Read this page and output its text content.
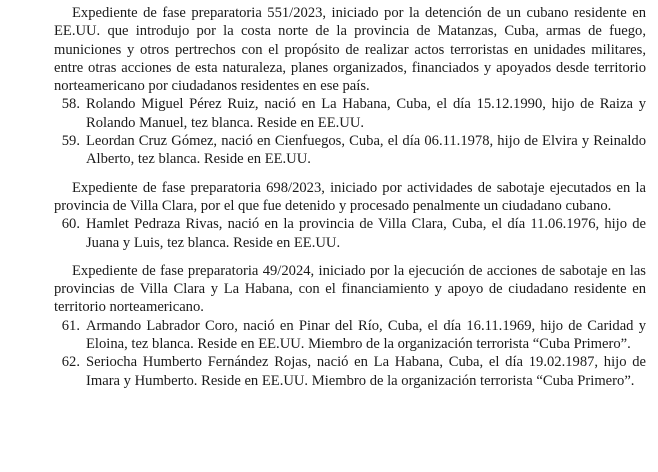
Expediente de fase preparatoria 551/2023, iniciado por la detención de un cubano residente en EE.UU. que introdujo por la costa norte de la provincia de Matanzas, Cuba, armas de fuego, municiones y otros pertrechos con el propósito de realizar actos terroristas en unidades militares, entre otras acciones de esta naturaleza, planes organizados, financiados y apoyados desde territorio norteamericano por ciudadanos residentes en ese país.

58. Rolando Miguel Pérez Ruiz, nació en La Habana, Cuba, el día 15.12.1990, hijo de Raiza y Rolando Manuel, tez blanca. Reside en EE.UU.
59. Leordan Cruz Gómez, nació en Cienfuegos, Cuba, el día 06.11.1978, hijo de Elvira y Reinaldo Alberto, tez blanca. Reside en EE.UU.

Expediente de fase preparatoria 698/2023, iniciado por actividades de sabotaje ejecutados en la provincia de Villa Clara, por el que fue detenido y procesado penalmente un ciudadano cubano.

60. Hamlet Pedraza Rivas, nació en la provincia de Villa Clara, Cuba, el día 11.06.1976, hijo de Juana y Luis, tez blanca. Reside en EE.UU.

Expediente de fase preparatoria 49/2024, iniciado por la ejecución de acciones de sabotaje en las provincias de Villa Clara y La Habana, con el financiamiento y apoyo de ciudadano residente en territorio norteamericano.

61. Armando Labrador Coro, nació en Pinar del Río, Cuba, el día 16.11.1969, hijo de Caridad y Eloina, tez blanca. Reside en EE.UU. Miembro de la organización terrorista “Cuba Primero”.
62. Seriocha Humberto Fernández Rojas, nació en La Habana, Cuba, el día 19.02.1987, hijo de Imara y Humberto. Reside en EE.UU. Miembro de la organización terrorista “Cuba Primero”.
